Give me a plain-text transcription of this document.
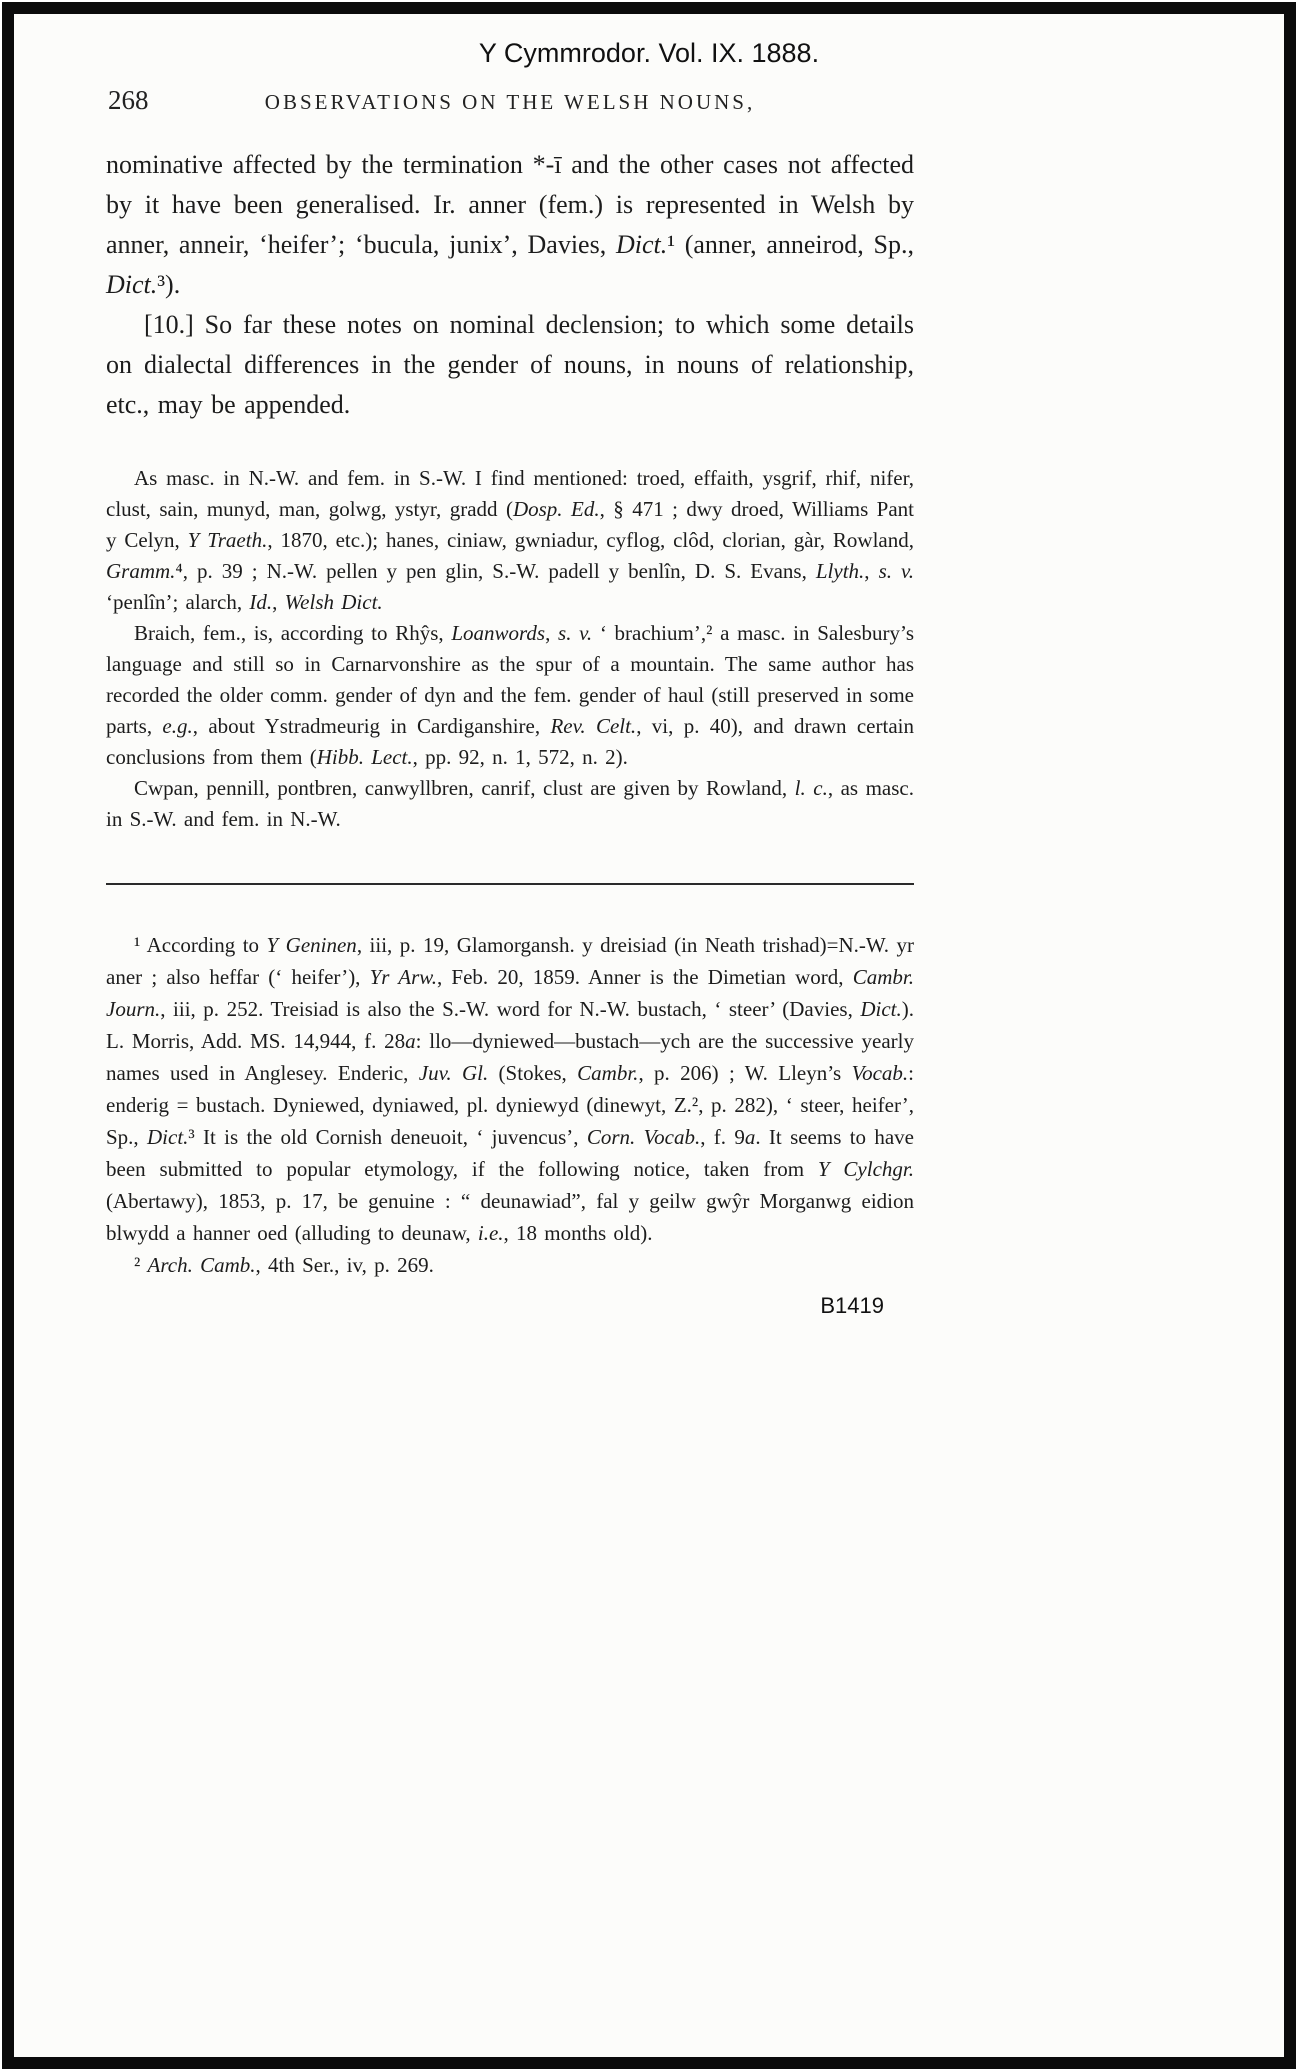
Y Cymmrodor. Vol. IX. 1888.
268	OBSERVATIONS ON THE WELSH NOUNS,

nominative affected by the termination *-ī and the other cases not affected by it have been generalised. Ir. anner (fem.) is represented in Welsh by anner, anneir, ‘heifer’; ‘bucula, junix’, Davies, Dict.¹ (anner, anneirod, Sp., Dict.³).

[10.] So far these notes on nominal declension; to which some details on dialectal differences in the gender of nouns, in nouns of relationship, etc., may be appended.

As masc. in N.-W. and fem. in S.-W. I find mentioned: troed, effaith, ysgrif, rhif, nifer, clust, sain, munyd, man, golwg, ystyr, gradd (Dosp. Ed., § 471 ; dwy droed, Williams Pant y Celyn, Y Traeth., 1870, etc.); hanes, ciniaw, gwniadur, cyflog, clôd, clorian, gàr, Rowland, Gramm.⁴, p. 39 ; N.-W. pellen y pen glin, S.-W. padell y benlîn, D. S. Evans, Llyth., s. v. ‘penlîn’; alarch, Id., Welsh Dict.

Braich, fem., is, according to Rhŷs, Loanwords, s. v. ‘ brachium’,² a masc. in Salesbury’s language and still so in Carnarvonshire as the spur of a mountain. The same author has recorded the older comm. gender of dyn and the fem. gender of haul (still preserved in some parts, e.g., about Ystradmeurig in Cardiganshire, Rev. Celt., vi, p. 40), and drawn certain conclusions from them (Hibb. Lect., pp. 92, n. 1, 572, n. 2).

Cwpan, pennill, pontbren, canwyllbren, canrif, clust are given by Rowland, l. c., as masc. in S.-W. and fem. in N.-W.

¹ According to Y Geninen, iii, p. 19, Glamorgansh. y dreisiad (in Neath trishad)=N.-W. yr aner ; also heffar (‘ heifer’), Yr Arw., Feb. 20, 1859. Anner is the Dimetian word, Cambr. Journ., iii, p. 252. Treisiad is also the S.-W. word for N.-W. bustach, ‘ steer’ (Davies, Dict.). L. Morris, Add. MS. 14,944, f. 28a: llo—dyniewed—bustach—ych are the successive yearly names used in Anglesey. Enderic, Juv. Gl. (Stokes, Cambr., p. 206) ; W. Lleyn’s Vocab.: enderig = bustach. Dyniewed, dyniawed, pl. dyniewyd (dinewyt, Z.², p. 282), ‘ steer, heifer’, Sp., Dict.³ It is the old Cornish deneuoit, ‘ juvencus’, Corn. Vocab., f. 9a. It seems to have been submitted to popular etymology, if the following notice, taken from Y Cylchgr. (Abertawy), 1853, p. 17, be genuine : “ deunawiad”, fal y geilw gwŷr Morganwg eidion blwydd a hanner oed (alluding to deunaw, i.e., 18 months old).

² Arch. Camb., 4th Ser., iv, p. 269.

B1419
